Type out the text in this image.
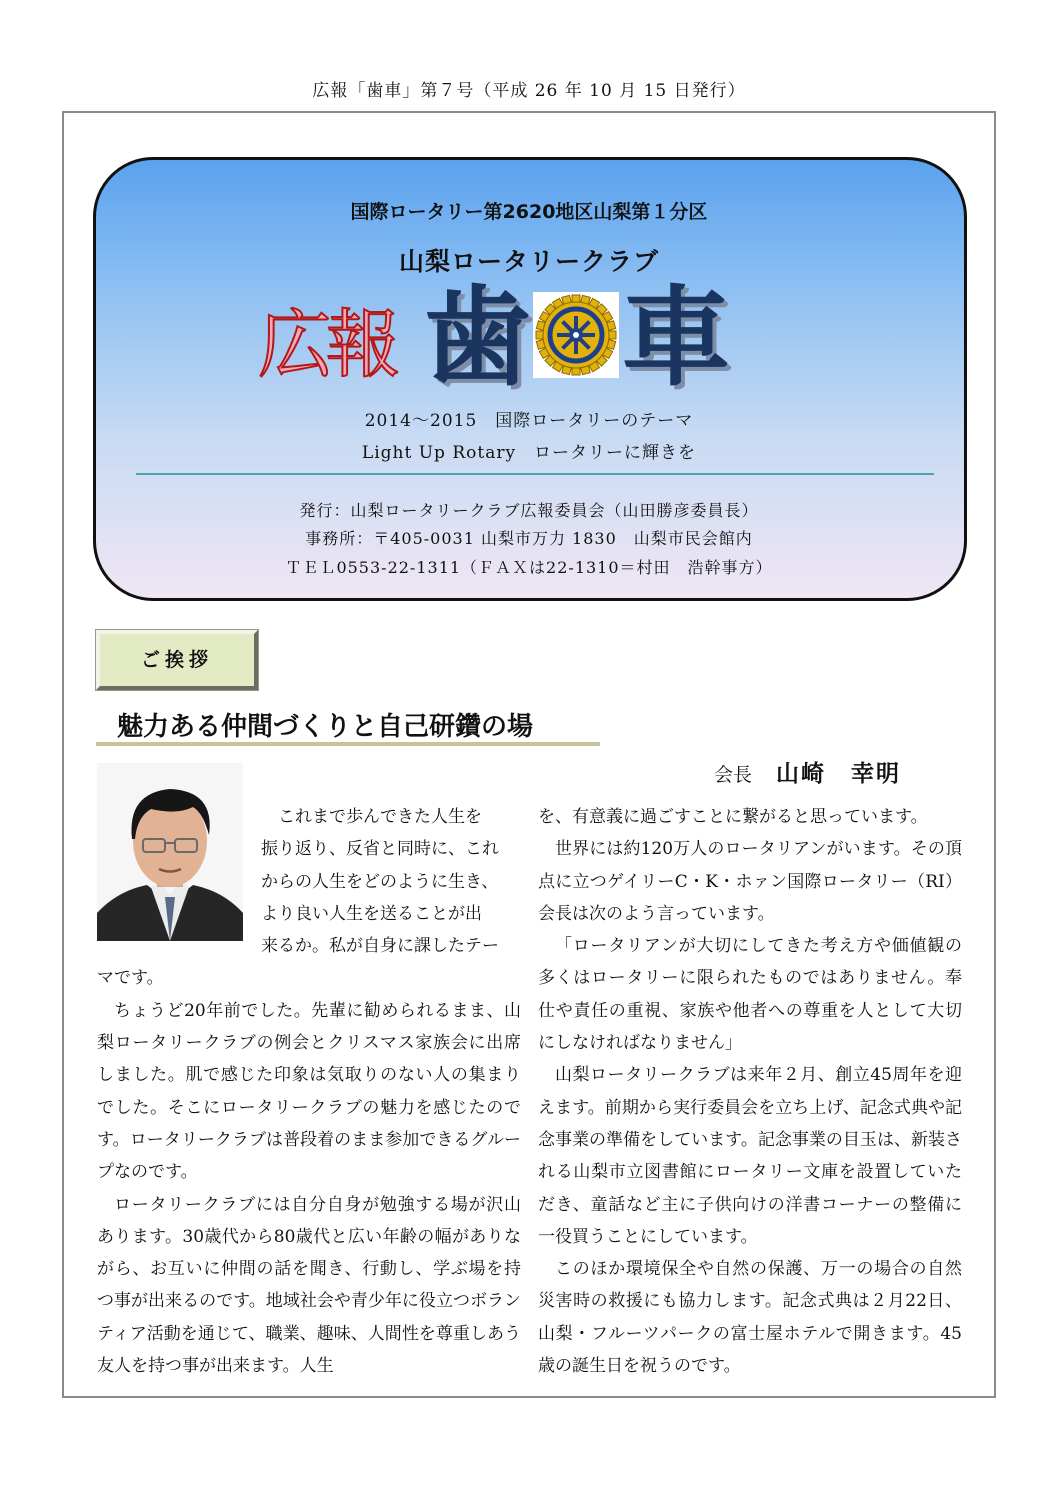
広報「歯車」第７号（平成 26 年 10 月 15 日発行）
国際ロータリー第2620地区山梨第１分区
山梨ロータリークラブ
広報 歯 車
2014～2015　国際ロータリーのテーマ
Light Up Rotary　ロータリーに輝きを
発行：山梨ロータリークラブ広報委員会（山田勝彦委員長）
事務所：〒405-0031 山梨市万力 1830　山梨市民会館内
ＴＥＬ0553-22-1311（ＦＡＸは22-1310＝村田　浩幹事方）
ご挨拶
魅力ある仲間づくりと自己研鑽の場
会長 山崎　幸明

これまで歩んできた人生を

振り返り、反省と同時に、これ

からの人生をどのように生き、

より良い人生を送ることが出

来るか。私が自身に課したテー
マです。

ちょうど20年前でした。先輩に勧められるまま、山梨ロータリークラブの例会とクリスマス家族会に出席しました。肌で感じた印象は気取りのない人の集まりでした。そこにロータリークラブの魅力を感じたのです。ロータリークラブは普段着のまま参加できるグループなのです。

ロータリークラブには自分自身が勉強する場が沢山あります。30歳代から80歳代と広い年齢の幅がありながら、お互いに仲間の話を聞き、行動し、学ぶ場を持つ事が出来るのです。地域社会や青少年に役立つボランティア活動を通じて、職業、趣味、人間性を尊重しあう友人を持つ事が出来ます。人生

を、有意義に過ごすことに繋がると思っています。

世界には約120万人のロータリアンがいます。その頂点に立つゲイリーC・K・ホァン国際ロータリー（RI）会長は次のよう言っています。

「ロータリアンが大切にしてきた考え方や価値観の多くはロータリーに限られたものではありません。奉仕や責任の重視、家族や他者への尊重を人として大切にしなければなりません」

山梨ロータリークラブは来年２月、創立45周年を迎えます。前期から実行委員会を立ち上げ、記念式典や記念事業の準備をしています。記念事業の目玉は、新装される山梨市立図書館にロータリー文庫を設置していただき、童話など主に子供向けの洋書コーナーの整備に一役買うことにしています。

このほか環境保全や自然の保護、万一の場合の自然災害時の救援にも協力します。記念式典は２月22日、山梨・フルーツパークの富士屋ホテルで開きます。45歳の誕生日を祝うのです。
